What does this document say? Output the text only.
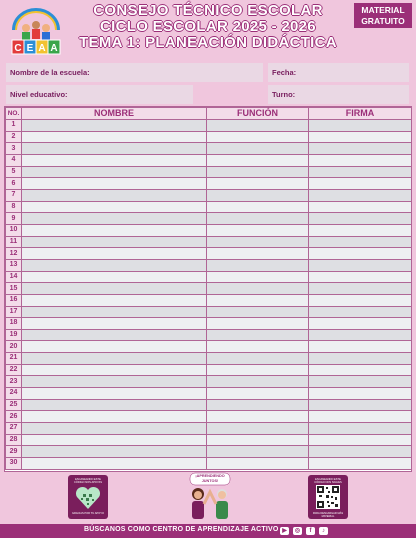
C E A A
CONSEJO TÉCNICO ESCOLAR
CICLO ESCOLAR 2025 - 2026
TEMA 1: PLANEACIÓN DIDÁCTICA
MATERIAL
GRATUITO
Nombre de la escuela:	Fecha:
Nivel educativo:	Turno:
NO.	NOMBRE	FUNCIÓN	FIRMA
1			
2			
3			
4			
5			
6			
7			
8			
9			
10			
11			
12			
13			
14			
15			
16			
17			
18			
19			
20			
21			
22			
23			
24			
25			
26			
27			
28			
29			
30			
ESCANEANDO ESTE CÓDIGO NOS APOYAS
GRACIAS POR TU APOYO
¡APRENDIENDO JUNTOS!	ESCANEANDO ESTE CÓDIGO NOS SIGUES
PARA DESCARGAR MÁS MATERIAL
BÚSCANOS COMO CENTRO DE APRENDIZAJE ACTIVO ▶	◎	f	♪
